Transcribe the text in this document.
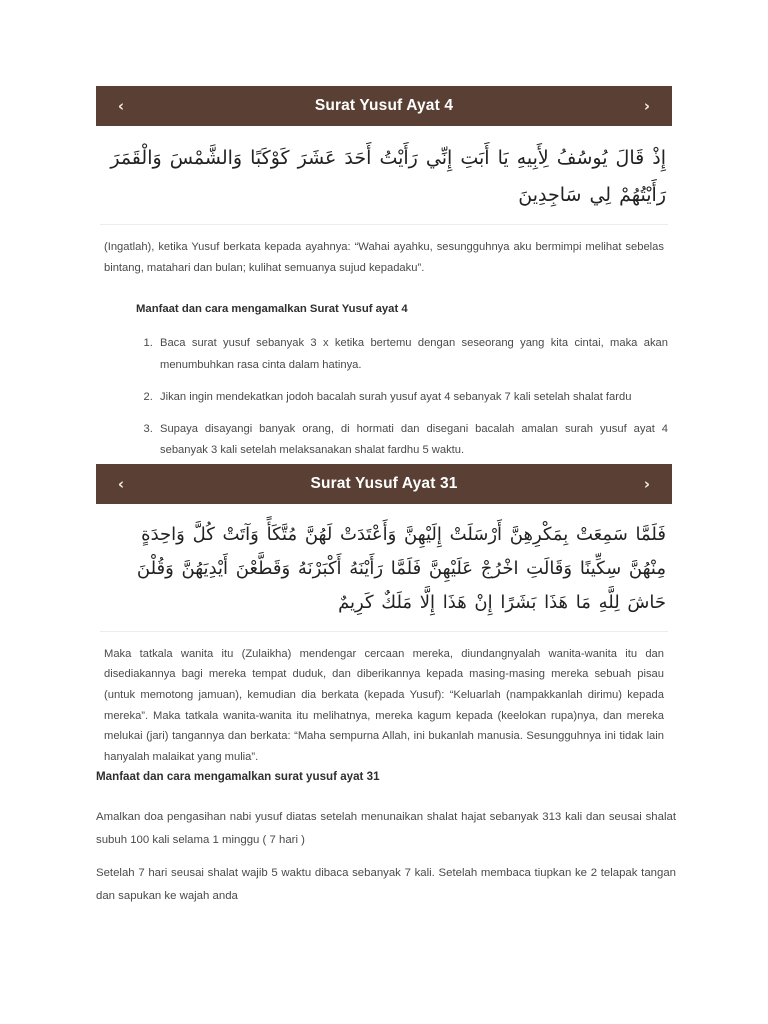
‹	Surat Yusuf Ayat 4	›
إِذْ قَالَ يُوسُفُ لِأَبِيهِ يَا أَبَتِ إِنِّي رَأَيْتُ أَحَدَ عَشَرَ كَوْكَبًا وَالشَّمْسَ وَالْقَمَرَ رَأَيْتُهُمْ لِي سَاجِدِينَ
(Ingatlah), ketika Yusuf berkata kepada ayahnya: “Wahai ayahku, sesungguhnya aku bermimpi melihat sebelas bintang, matahari dan bulan; kulihat semuanya sujud kepadaku”.
Manfaat dan cara mengamalkan Surat Yusuf ayat 4
1. Baca surat yusuf sebanyak 3 x ketika bertemu dengan seseorang yang kita cintai, maka akan menumbuhkan rasa cinta dalam hatinya.
2. Jikan ingin mendekatkan jodoh bacalah surah yusuf ayat 4 sebanyak 7 kali setelah shalat fardu
3. Supaya disayangi banyak orang, di hormati dan disegani bacalah amalan surah yusuf ayat 4 sebanyak 3 kali setelah melaksanakan shalat fardhu 5 waktu.
‹	Surat Yusuf Ayat 31	›
فَلَمَّا سَمِعَتْ بِمَكْرِهِنَّ أَرْسَلَتْ إِلَيْهِنَّ وَأَعْتَدَتْ لَهُنَّ مُتَّكَأً وَآتَتْ كُلَّ وَاحِدَةٍ مِنْهُنَّ سِكِّينًا وَقَالَتِ اخْرُجْ عَلَيْهِنَّ فَلَمَّا رَأَيْنَهُ أَكْبَرْنَهُ وَقَطَّعْنَ أَيْدِيَهُنَّ وَقُلْنَ حَاشَ لِلَّهِ مَا هَذَا بَشَرًا إِنْ هَذَا إِلَّا مَلَكٌ كَرِيمٌ
Maka tatkala wanita itu (Zulaikha) mendengar cercaan mereka, diundangnyalah wanita-wanita itu dan disediakannya bagi mereka tempat duduk, dan diberikannya kepada masing-masing mereka sebuah pisau (untuk memotong jamuan), kemudian dia berkata (kepada Yusuf): “Keluarlah (nampakkanlah dirimu) kepada mereka”. Maka tatkala wanita-wanita itu melihatnya, mereka kagum kepada (keelokan rupa)nya, dan mereka melukai (jari) tangannya dan berkata: “Maha sempurna Allah, ini bukanlah manusia. Sesungguhnya ini tidak lain hanyalah malaikat yang mulia”.
Manfaat dan cara mengamalkan surat yusuf ayat 31
Amalkan doa pengasihan nabi yusuf diatas setelah menunaikan shalat hajat sebanyak 313 kali dan seusai shalat subuh 100 kali selama 1 minggu ( 7 hari )
Setelah 7 hari seusai shalat wajib 5 waktu dibaca sebanyak 7 kali. Setelah membaca tiupkan ke 2 telapak tangan dan sapukan ke wajah anda
